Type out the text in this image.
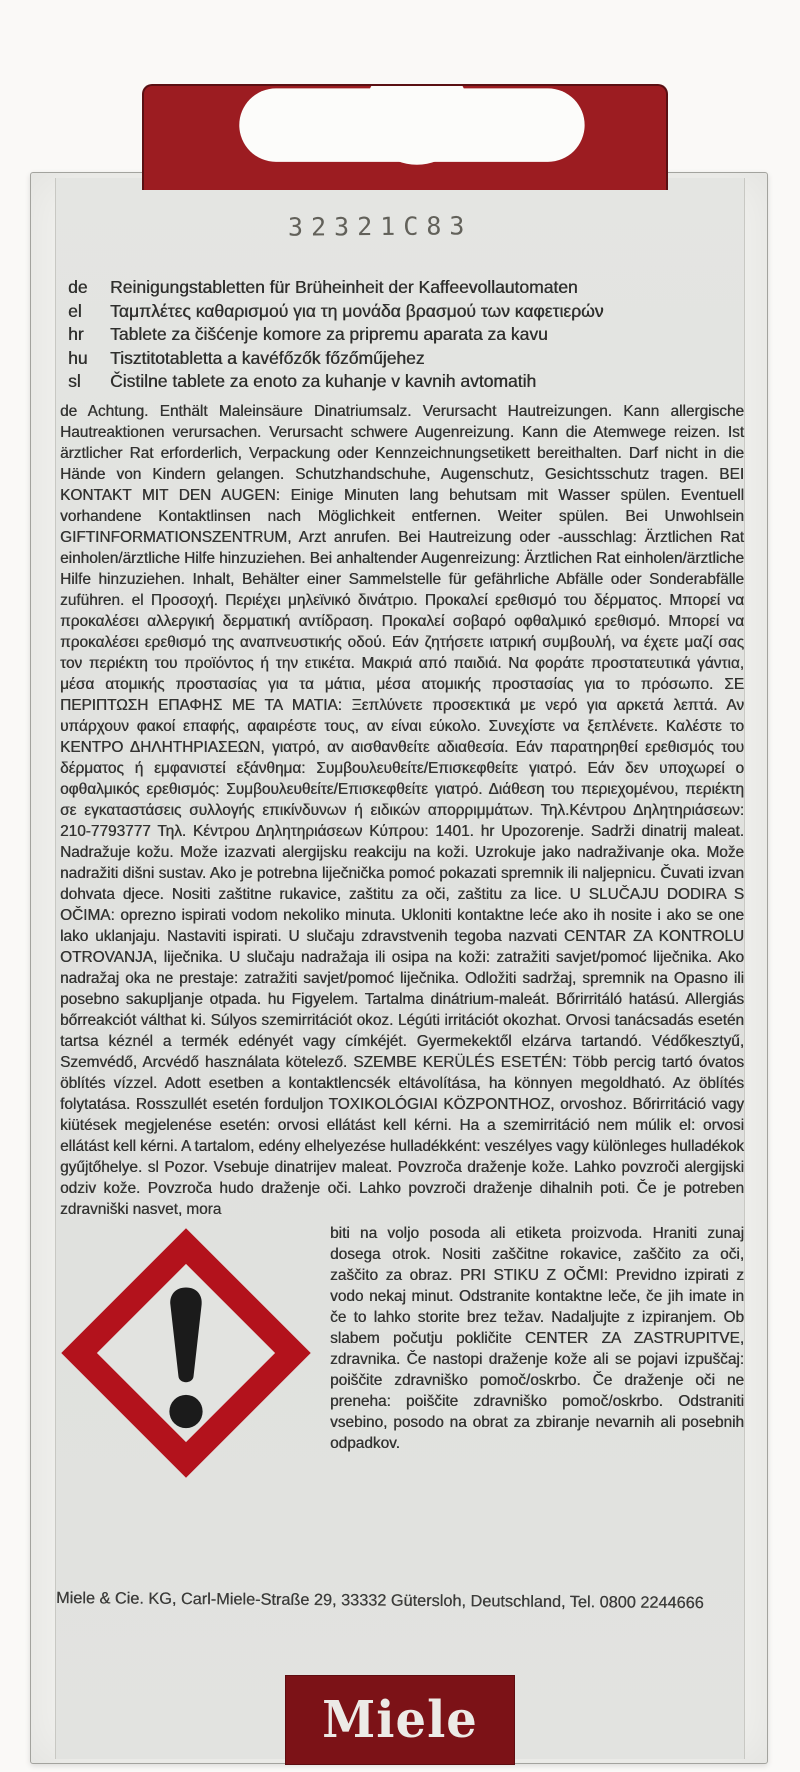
32321C83
de	Reinigungstabletten für Brüheinheit der Kaffeevollautomaten
el	Ταμπλέτες καθαρισμού για τη μονάδα βρασμού των καφετιερών
hr	Tablete za čišćenje komore za pripremu aparata za kavu
hu	Tisztitotabletta a kavéfőzők főzőműjehez
sl	Čistilne tablete za enoto za kuhanje v kavnih avtomatih
de Achtung. Enthält Maleinsäure Dinatriumsalz. Verursacht Hautreizungen. Kann allergische Hautreaktionen verursachen. Verursacht schwere Augenreizung. Kann die Atemwege reizen. Ist ärztlicher Rat erforderlich, Verpackung oder Kennzeichnungsetikett bereithalten. Darf nicht in die Hände von Kindern gelangen. Schutzhandschuhe, Augenschutz, Gesichtsschutz tragen. BEI KONTAKT MIT DEN AUGEN: Einige Minuten lang behutsam mit Wasser spülen. Eventuell vorhandene Kontaktlinsen nach Möglichkeit entfernen. Weiter spülen. Bei Unwohlsein GIFTINFORMATIONSZENTRUM, Arzt anrufen. Bei Hautreizung oder -ausschlag: Ärztlichen Rat einholen/ärztliche Hilfe hinzuziehen. Bei anhaltender Augenreizung: Ärztlichen Rat einholen/ärztliche Hilfe hinzuziehen. Inhalt, Behälter einer Sammelstelle für gefährliche Abfälle oder Sonderabfälle zuführen. el Προσοχή. Περιέχει μηλεϊνικό δινάτριο. Προκαλεί ερεθισμό του δέρματος. Μπορεί να προκαλέσει αλλεργική δερματική αντίδραση. Προκαλεί σοβαρό οφθαλμικό ερεθισμό. Μπορεί να προκαλέσει ερεθισμό της αναπνευστικής οδού. Εάν ζητήσετε ιατρική συμβουλή, να έχετε μαζί σας τον περιέκτη του προϊόντος ή την ετικέτα. Μακριά από παιδιά. Να φοράτε προστατευτικά γάντια, μέσα ατομικής προστασίας για τα μάτια, μέσα ατομικής προστασίας για το πρόσωπο. ΣΕ ΠΕΡΙΠΤΩΣΗ ΕΠΑΦΗΣ ΜΕ ΤΑ ΜΑΤΙΑ: Ξεπλύνετε προσεκτικά με νερό για αρκετά λεπτά. Αν υπάρχουν φακοί επαφής, αφαιρέστε τους, αν είναι εύκολο. Συνεχίστε να ξεπλένετε. Καλέστε το ΚΕΝΤΡΟ ΔΗΛΗΤΗΡΙΑΣΕΩΝ, γιατρό, αν αισθανθείτε αδιαθεσία. Εάν παρατηρηθεί ερεθισμός του δέρματος ή εμφανιστεί εξάνθημα: Συμβουλευθείτε/Επισκεφθείτε γιατρό. Εάν δεν υποχωρεί ο οφθαλμικός ερεθισμός: Συμβουλευθείτε/Επισκεφθείτε γιατρό. Διάθεση του περιεχομένου, περιέκτη σε εγκαταστάσεις συλλογής επικίνδυνων ή ειδικών απορριμμάτων. Τηλ.Κέντρου Δηλητηριάσεων: 210-7793777 Τηλ. Κέντρου Δηλητηριάσεων Κύπρου: 1401. hr Upozorenje. Sadrži dinatrij maleat. Nadražuje kožu. Može izazvati alergijsku reakciju na koži. Uzrokuje jako nadraživanje oka. Može nadražiti dišni sustav. Ako je potrebna liječnička pomoć pokazati spremnik ili naljepnicu. Čuvati izvan dohvata djece. Nositi zaštitne rukavice, zaštitu za oči, zaštitu za lice. U SLUČAJU DODIRA S OČIMA: oprezno ispirati vodom nekoliko minuta. Ukloniti kontaktne leće ako ih nosite i ako se one lako uklanjaju. Nastaviti ispirati. U slučaju zdravstvenih tegoba nazvati CENTAR ZA KONTROLU OTROVANJA, liječnika. U slučaju nadražaja ili osipa na koži: zatražiti savjet/pomoć liječnika. Ako nadražaj oka ne prestaje: zatražiti savjet/pomoć liječnika. Odložiti sadržaj, spremnik na Opasno ili posebno sakupljanje otpada. hu Figyelem. Tartalma dinátrium-maleát. Bőrirritáló hatású. Allergiás bőrreakciót válthat ki. Súlyos szemirritációt okoz. Légúti irritációt okozhat. Orvosi tanácsadás esetén tartsa kéznél a termék edényét vagy címkéjét. Gyermekektől elzárva tartandó. Védőkesztyű, Szemvédő, Arcvédő használata kötelező. SZEMBE KERÜLÉS ESETÉN: Több percig tartó óvatos öblítés vízzel. Adott esetben a kontaktlencsék eltávolítása, ha könnyen megoldható. Az öblítés folytatása. Rosszullét esetén forduljon TOXIKOLÓGIAI KÖZPONTHOZ, orvoshoz. Bőrirritáció vagy kiütések megjelenése esetén: orvosi ellátást kell kérni. Ha a szemirritáció nem múlik el: orvosi ellátást kell kérni. A tartalom, edény elhelyezése hulladékként: veszélyes vagy különleges hulladékok gyűjtőhelye. sl Pozor. Vsebuje dinatrijev maleat. Povzroča draženje kože. Lahko povzroči alergijski odziv kože. Povzroča hudo draženje oči. Lahko povzroči draženje dihalnih poti. Če je potreben zdravniški nasvet, mora
biti na voljo posoda ali etiketa proizvoda. Hraniti zunaj dosega otrok. Nositi zaščitne rokavice, zaščito za oči, zaščito za obraz. PRI STIKU Z OČMI: Previdno izpirati z vodo nekaj minut. Odstranite kontaktne leče, če jih imate in če to lahko storite brez težav. Nadaljujte z izpiranjem. Ob slabem počutju pokličite CENTER ZA ZASTRUPITVE, zdravnika. Če nastopi draženje kože ali se pojavi izpuščaj: poiščite zdravniško pomoč/oskrbo. Če draženje oči ne preneha: poiščite zdravniško pomoč/oskrbo. Odstraniti vsebino, posodo na obrat za zbiranje nevarnih ali posebnih odpadkov.
Miele & Cie. KG, Carl-Miele-Straße 29, 33332 Gütersloh, Deutschland, Tel. 0800 2244666
Miele
